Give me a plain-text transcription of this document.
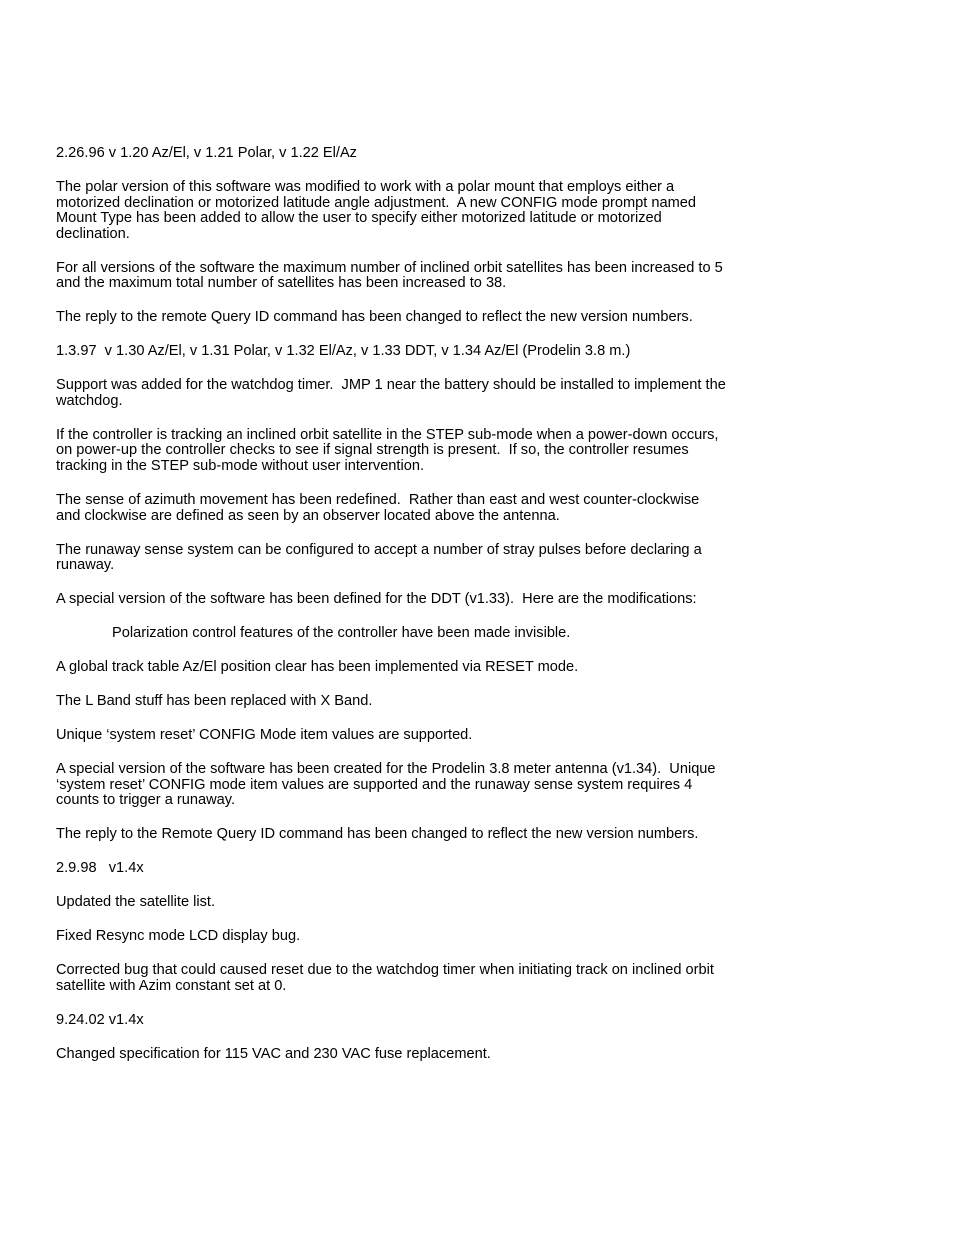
2.26.96 v 1.20 Az/El, v 1.21 Polar, v 1.22 El/Az

The polar version of this software was modified to work with a polar mount that employs either a
motorized declination or motorized latitude angle adjustment.  A new CONFIG mode prompt named
Mount Type has been added to allow the user to specify either motorized latitude or motorized
declination.

For all versions of the software the maximum number of inclined orbit satellites has been increased to 5
and the maximum total number of satellites has been increased to 38.

The reply to the remote Query ID command has been changed to reflect the new version numbers.

1.3.97  v 1.30 Az/El, v 1.31 Polar, v 1.32 El/Az, v 1.33 DDT, v 1.34 Az/El (Prodelin 3.8 m.)

Support was added for the watchdog timer.  JMP 1 near the battery should be installed to implement the
watchdog.

If the controller is tracking an inclined orbit satellite in the STEP sub-mode when a power-down occurs,
on power-up the controller checks to see if signal strength is present.  If so, the controller resumes
tracking in the STEP sub-mode without user intervention.

The sense of azimuth movement has been redefined.  Rather than east and west counter-clockwise
and clockwise are defined as seen by an observer located above the antenna.

The runaway sense system can be configured to accept a number of stray pulses before declaring a
runaway.

A special version of the software has been defined for the DDT (v1.33).  Here are the modifications:

Polarization control features of the controller have been made invisible.

A global track table Az/El position clear has been implemented via RESET mode.

The L Band stuff has been replaced with X Band.

Unique ‘system reset’ CONFIG Mode item values are supported.

A special version of the software has been created for the Prodelin 3.8 meter antenna (v1.34).  Unique
‘system reset’ CONFIG mode item values are supported and the runaway sense system requires 4
counts to trigger a runaway.

The reply to the Remote Query ID command has been changed to reflect the new version numbers.

2.9.98   v1.4x

Updated the satellite list.

Fixed Resync mode LCD display bug.

Corrected bug that could caused reset due to the watchdog timer when initiating track on inclined orbit
satellite with Azim constant set at 0.

9.24.02 v1.4x

Changed specification for 115 VAC and 230 VAC fuse replacement.
